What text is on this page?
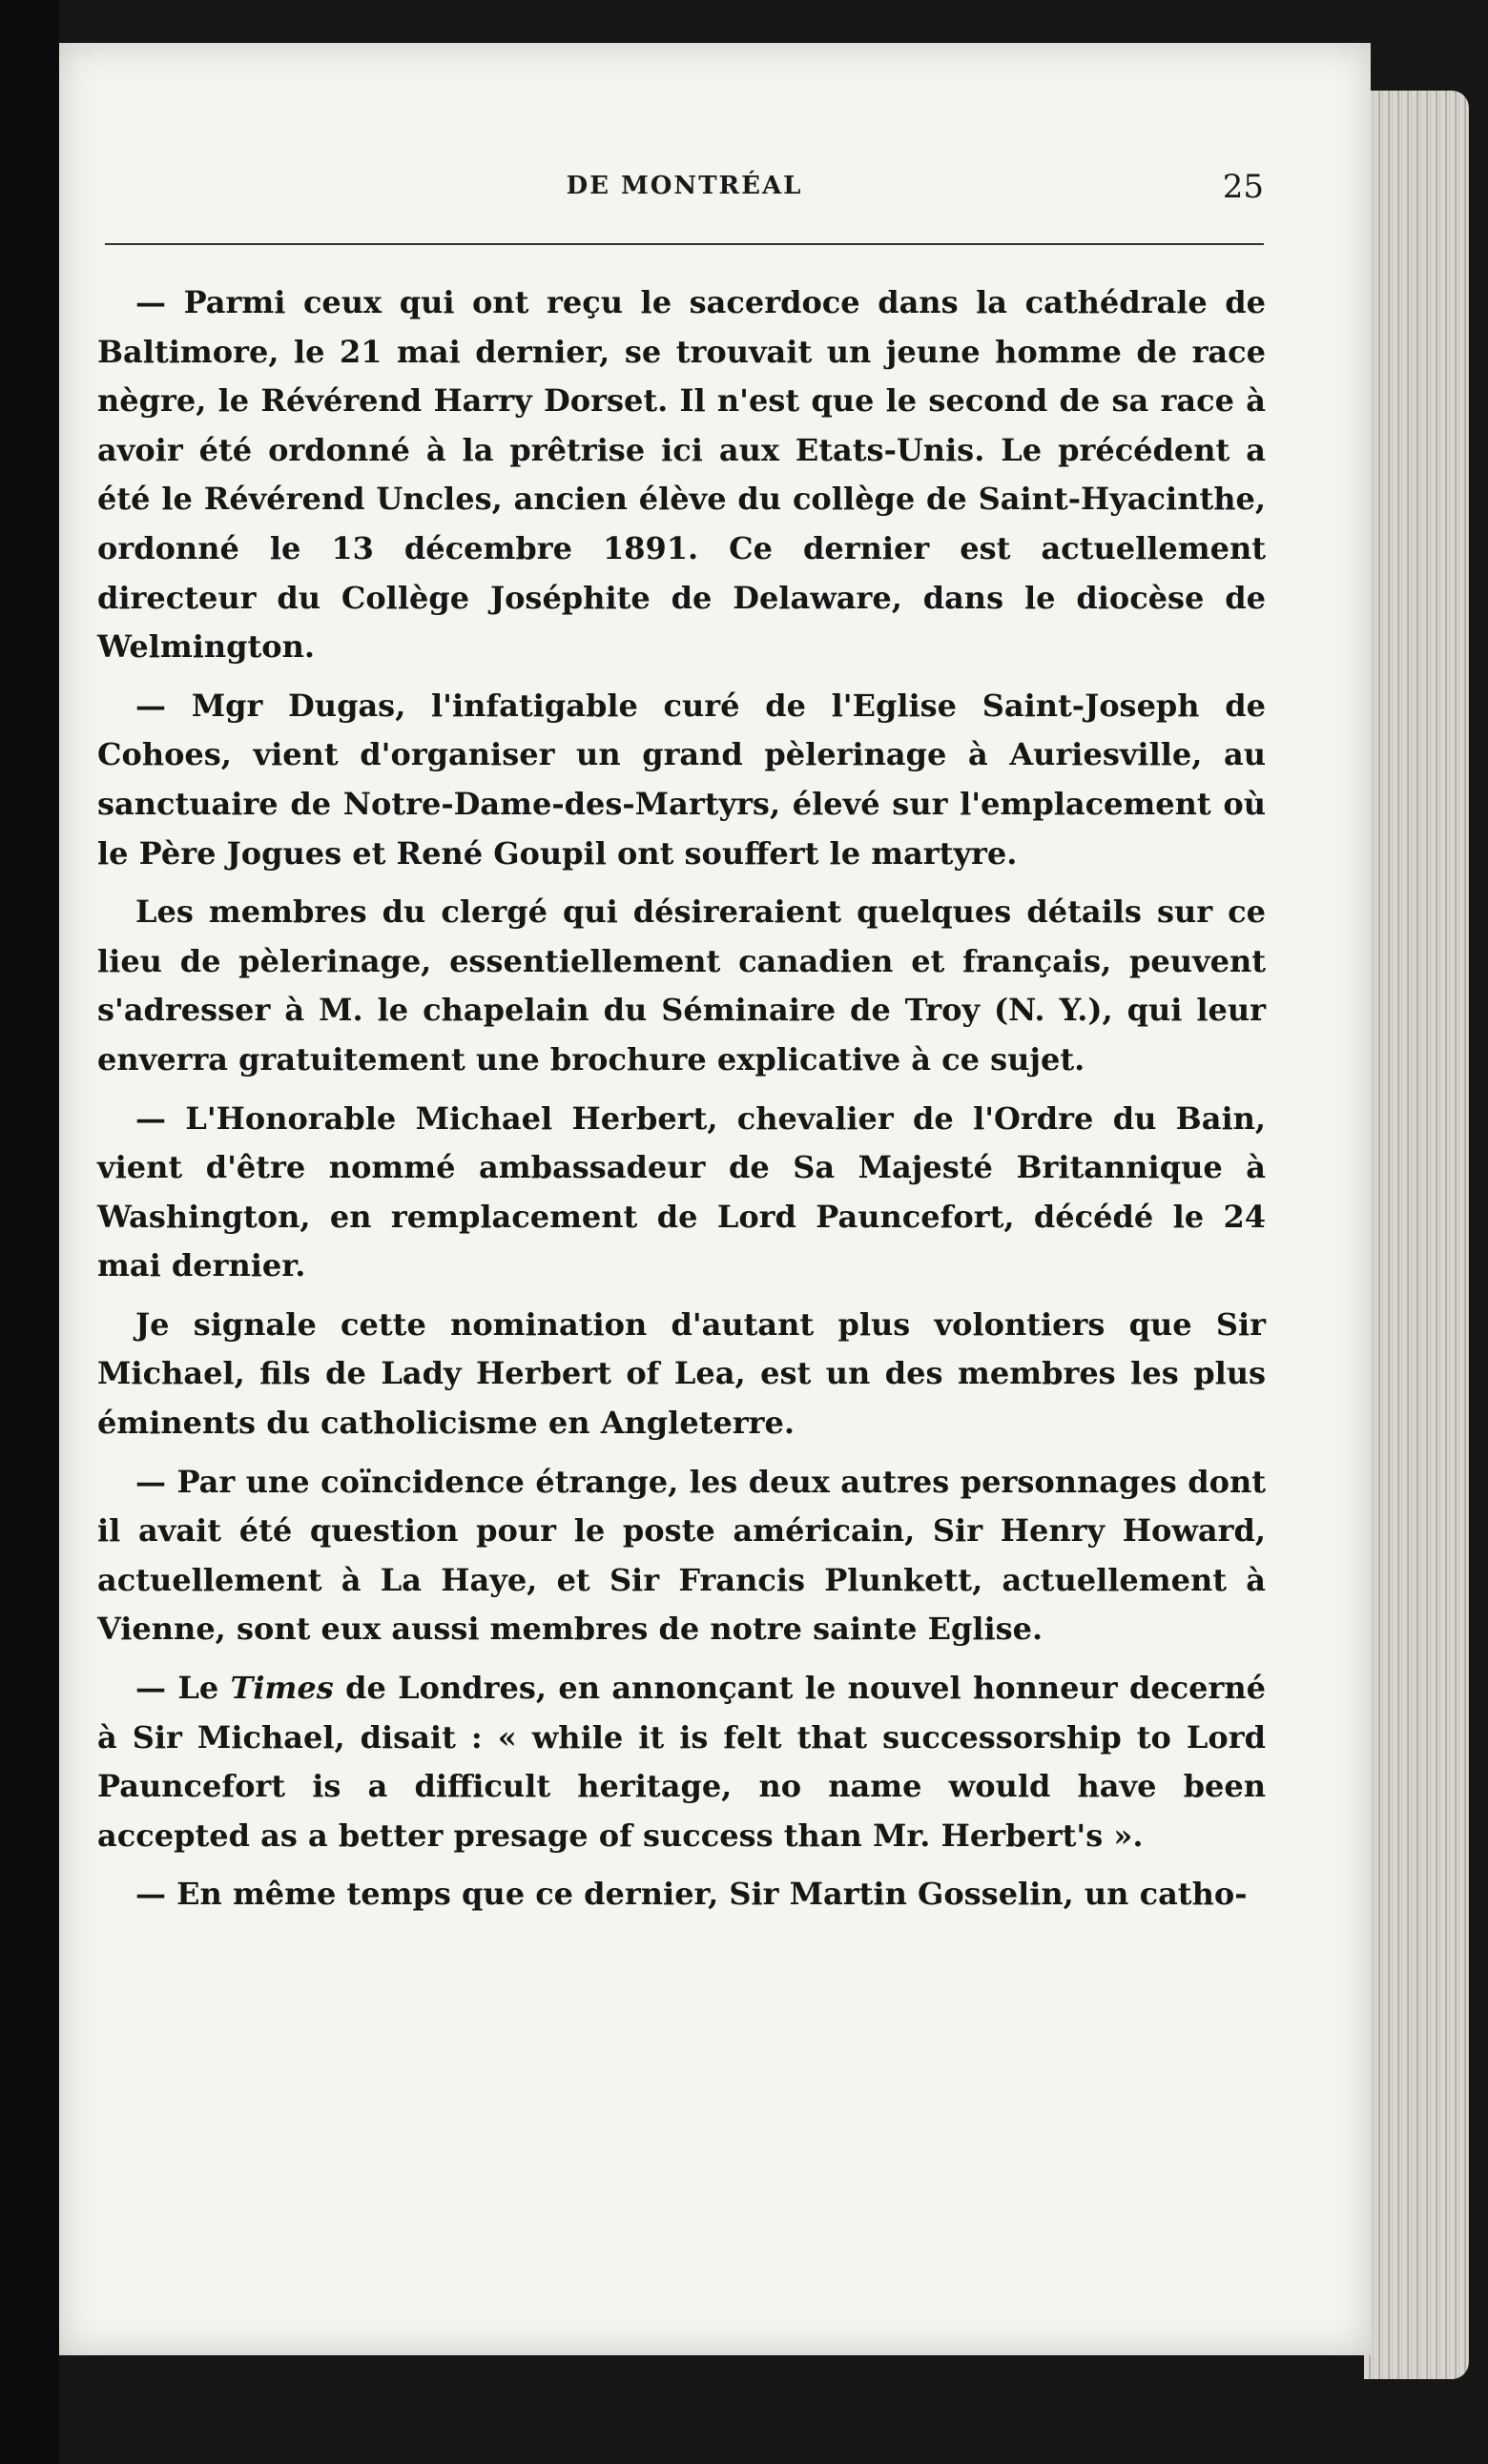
DE MONTRÉAL	25

— Parmi ceux qui ont reçu le sacerdoce dans la cathédrale de Baltimore, le 21 mai dernier, se trouvait un jeune homme de race nègre, le Révérend Harry Dorset. Il n'est que le second de sa race à avoir été ordonné à la prêtrise ici aux Etats-Unis. Le précédent a été le Révérend Uncles, ancien élève du collège de Saint-Hyacinthe, ordonné le 13 décembre 1891. Ce dernier est actuellement directeur du Collège Joséphite de Delaware, dans le diocèse de Welmington.

— Mgr Dugas, l'infatigable curé de l'Eglise Saint-Joseph de Cohoes, vient d'organiser un grand pèlerinage à Auriesville, au sanctuaire de Notre-Dame-des-Martyrs, élevé sur l'emplacement où le Père Jogues et René Goupil ont souffert le martyre.

Les membres du clergé qui désireraient quelques détails sur ce lieu de pèlerinage, essentiellement canadien et français, peuvent s'adresser à M. le chapelain du Séminaire de Troy (N. Y.), qui leur enverra gratuitement une brochure explicative à ce sujet.

— L'Honorable Michael Herbert, chevalier de l'Ordre du Bain, vient d'être nommé ambassadeur de Sa Majesté Britannique à Washington, en remplacement de Lord Pauncefort, décédé le 24 mai dernier.

Je signale cette nomination d'autant plus volontiers que Sir Michael, fils de Lady Herbert of Lea, est un des membres les plus éminents du catholicisme en Angleterre.

— Par une coïncidence étrange, les deux autres personnages dont il avait été question pour le poste américain, Sir Henry Howard, actuellement à La Haye, et Sir Francis Plunkett, actuellement à Vienne, sont eux aussi membres de notre sainte Eglise.

— Le Times de Londres, en annonçant le nouvel honneur decerné à Sir Michael, disait : « while it is felt that successorship to Lord Pauncefort is a difficult heritage, no name would have been accepted as a better presage of success than Mr. Herbert's ».

— En même temps que ce dernier, Sir Martin Gosselin, un catho-
